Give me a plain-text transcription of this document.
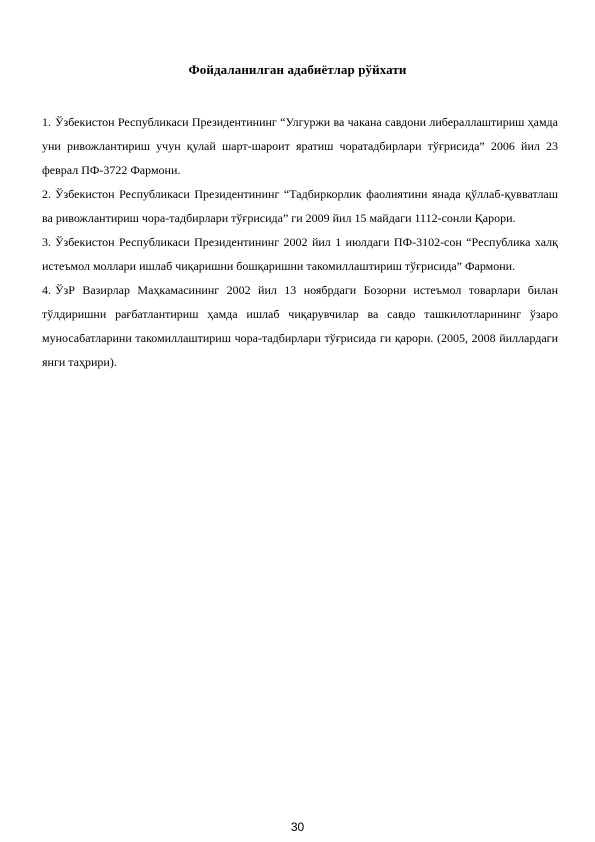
Фойдаланилган адабиётлар рўйхати
1. Ўзбекистон Республикаси Президентининг “Улгуржи ва чакана савдони либераллаштириш ҳамда уни ривожлантириш учун қулай шарт-шароит яратиш чоратадбирлари тўғрисида” 2006 йил 23 феврал ПФ-3722 Фармони.
2. Ўзбекистон Республикаси Президентининг “Тадбиркорлик фаолиятини янада қўллаб-қувватлаш ва ривожлантириш чора-тадбирлари тўғрисида” ги 2009 йил 15 майдаги 1112-сонли Қарори.
3. Ўзбекистон Республикаси Президентининг 2002 йил 1 июлдаги ПФ-3102-сон “Республика халқ истеъмол моллари ишлаб чиқаришни бошқаришни такомиллаштириш тўғрисида” Фармони.
4. ЎзР Вазирлар Маҳкамасининг 2002 йил 13 ноябрдаги Бозорни истеъмол товарлари билан тўлдиришни рағбатлантириш ҳамда ишлаб чиқарувчилар ва савдо ташкилотларининг ўзаро муносабатларини такомиллаштириш чора-тадбирлари тўғрисида ги қарори. (2005, 2008 йиллардаги янги таҳрири).
30
